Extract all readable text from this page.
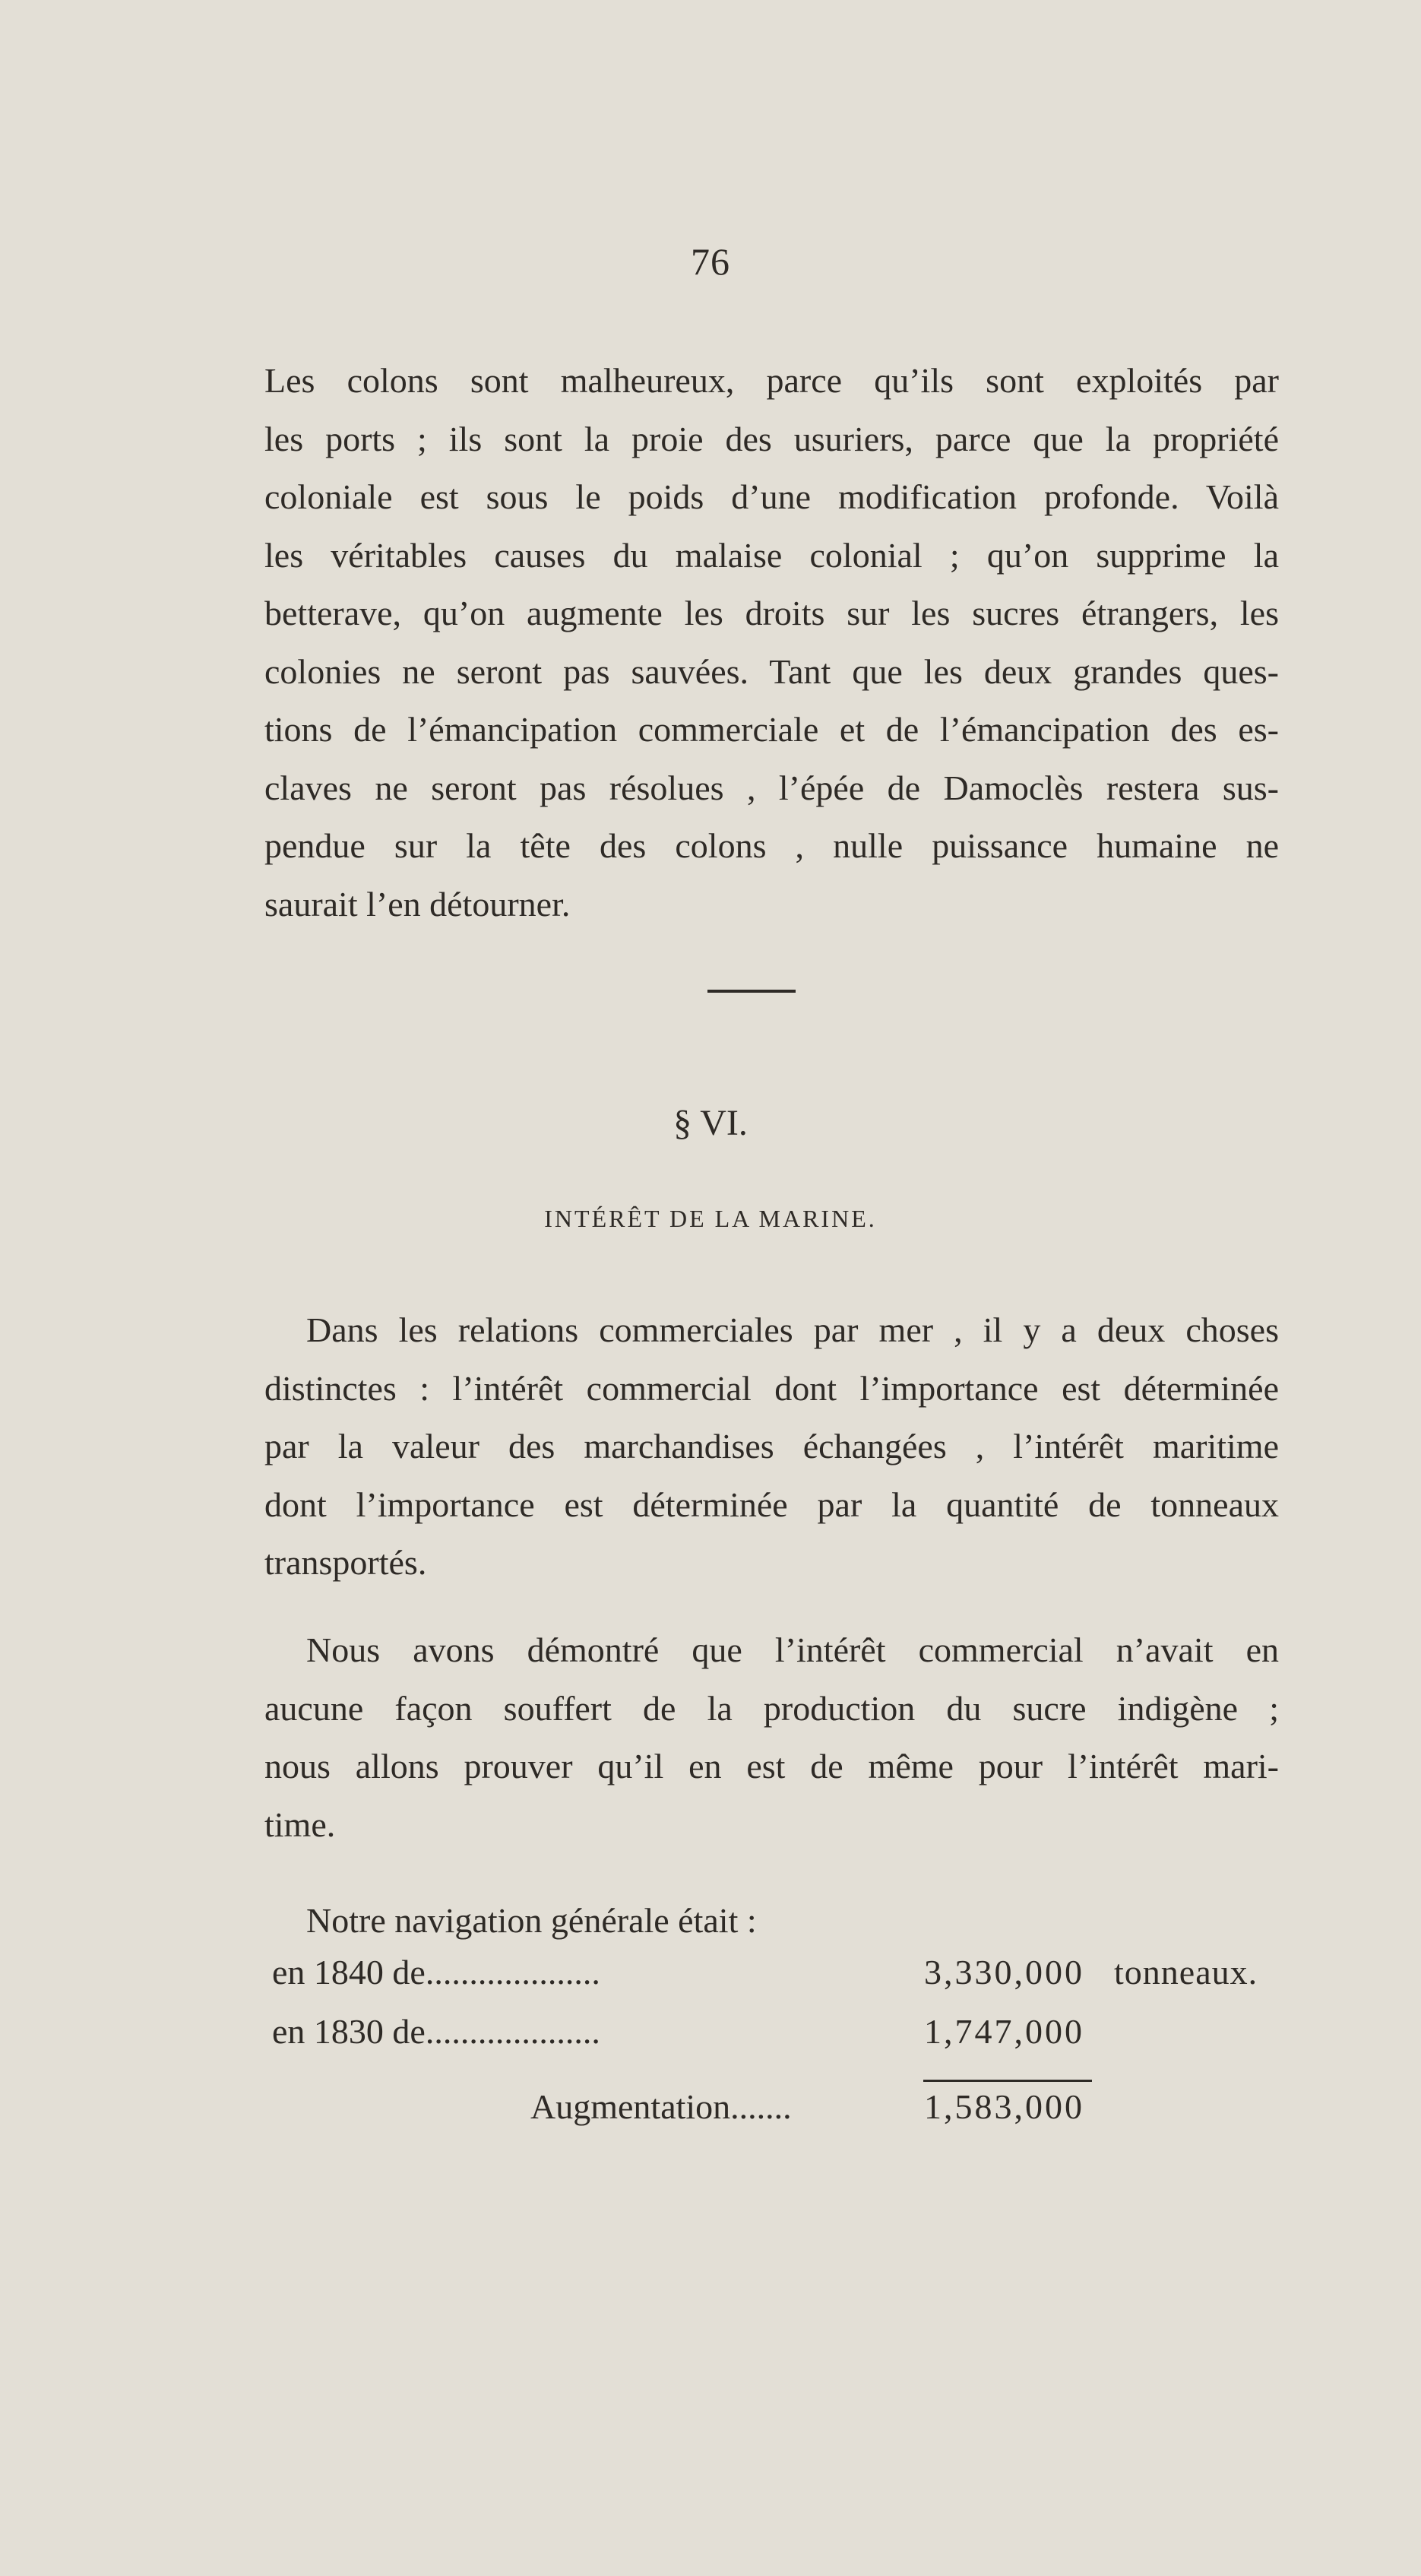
76
Les colons sont malheureux, parce qu’ils sont exploités par
les ports ; ils sont la proie des usuriers, parce que la propriété
coloniale est sous le poids d’une modification profonde. Voilà
les véritables causes du malaise colonial ; qu’on supprime la
betterave, qu’on augmente les droits sur les sucres étrangers, les
colonies ne seront pas sauvées. Tant que les deux grandes ques-
tions de l’émancipation commerciale et de l’émancipation des es-
claves ne seront pas résolues , l’épée de Damoclès restera sus-
pendue sur la tête des colons , nulle puissance humaine ne
saurait l’en détourner.
§ VI.
INTÉRÊT DE LA MARINE.
Dans les relations commerciales par mer , il y a deux choses
distinctes : l’intérêt commercial dont l’importance est déterminée
par la valeur des marchandises échangées , l’intérêt maritime
dont l’importance est déterminée par la quantité de tonneaux
transportés.
Nous avons démontré que l’intérêt commercial n’avait en
aucune façon souffert de la production du sucre indigène ;
nous allons prouver qu’il en est de même pour l’intérêt mari-
time.
Notre navigation générale était :
en 1840 de....................	3,330,000 tonneaux.
en 1830 de....................	1,747,000
Augmentation.......	1,583,000
